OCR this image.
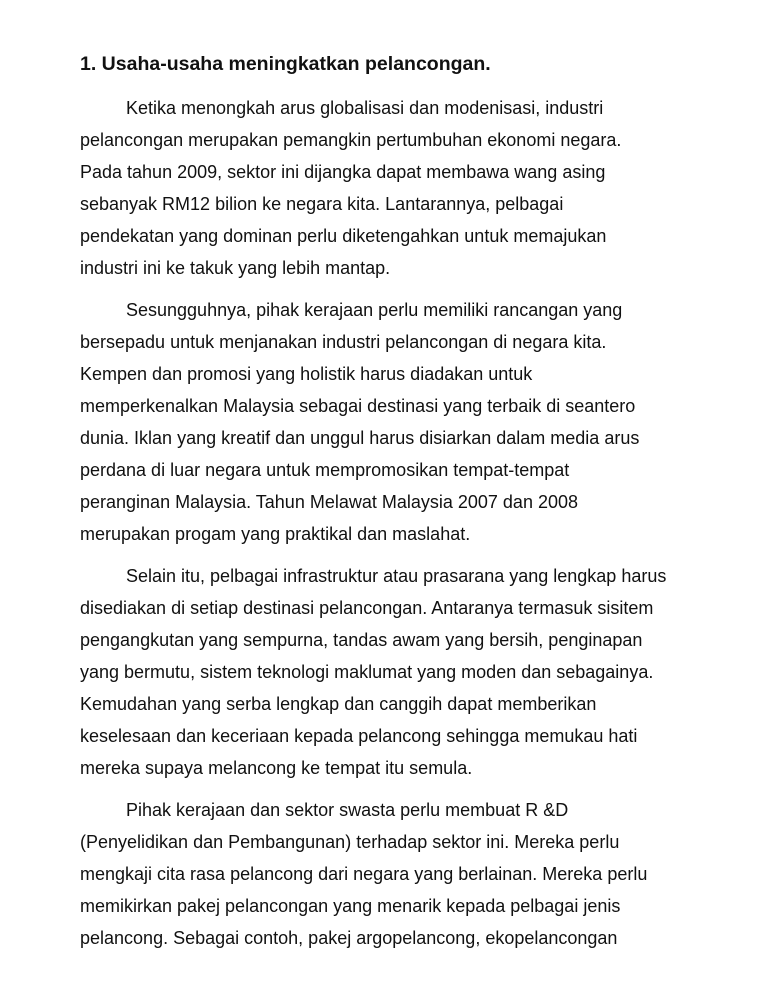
1. Usaha-usaha meningkatkan pelancongan.
Ketika menongkah arus globalisasi dan modenisasi, industri
pelancongan merupakan pemangkin pertumbuhan ekonomi negara.
Pada tahun 2009, sektor ini dijangka dapat membawa wang asing
sebanyak RM12 bilion ke negara kita. Lantarannya, pelbagai
pendekatan yang dominan perlu diketengahkan untuk memajukan
industri ini ke takuk yang lebih mantap.
Sesungguhnya, pihak kerajaan perlu memiliki rancangan yang
bersepadu untuk menjanakan industri pelancongan di negara kita.
Kempen dan promosi yang holistik harus diadakan untuk
memperkenalkan Malaysia sebagai destinasi yang terbaik di seantero
dunia. Iklan yang kreatif dan unggul harus disiarkan dalam media arus
perdana di luar negara untuk mempromosikan tempat-tempat
peranginan Malaysia. Tahun Melawat Malaysia 2007 dan 2008
merupakan progam yang praktikal dan maslahat.
Selain itu, pelbagai infrastruktur atau prasarana yang lengkap harus
disediakan di setiap destinasi pelancongan. Antaranya termasuk sisitem
pengangkutan yang sempurna, tandas awam yang bersih, penginapan
yang bermutu, sistem teknologi maklumat yang moden dan sebagainya.
Kemudahan yang serba lengkap dan canggih dapat memberikan
keselesaan dan keceriaan kepada pelancong sehingga memukau hati
mereka supaya melancong ke tempat itu semula.
Pihak kerajaan dan sektor swasta perlu membuat R &D
(Penyelidikan dan Pembangunan) terhadap sektor ini. Mereka perlu
mengkaji cita rasa pelancong dari negara yang berlainan. Mereka perlu
memikirkan pakej pelancongan yang menarik kepada pelbagai jenis
pelancong. Sebagai contoh, pakej argopelancong, ekopelancongan
